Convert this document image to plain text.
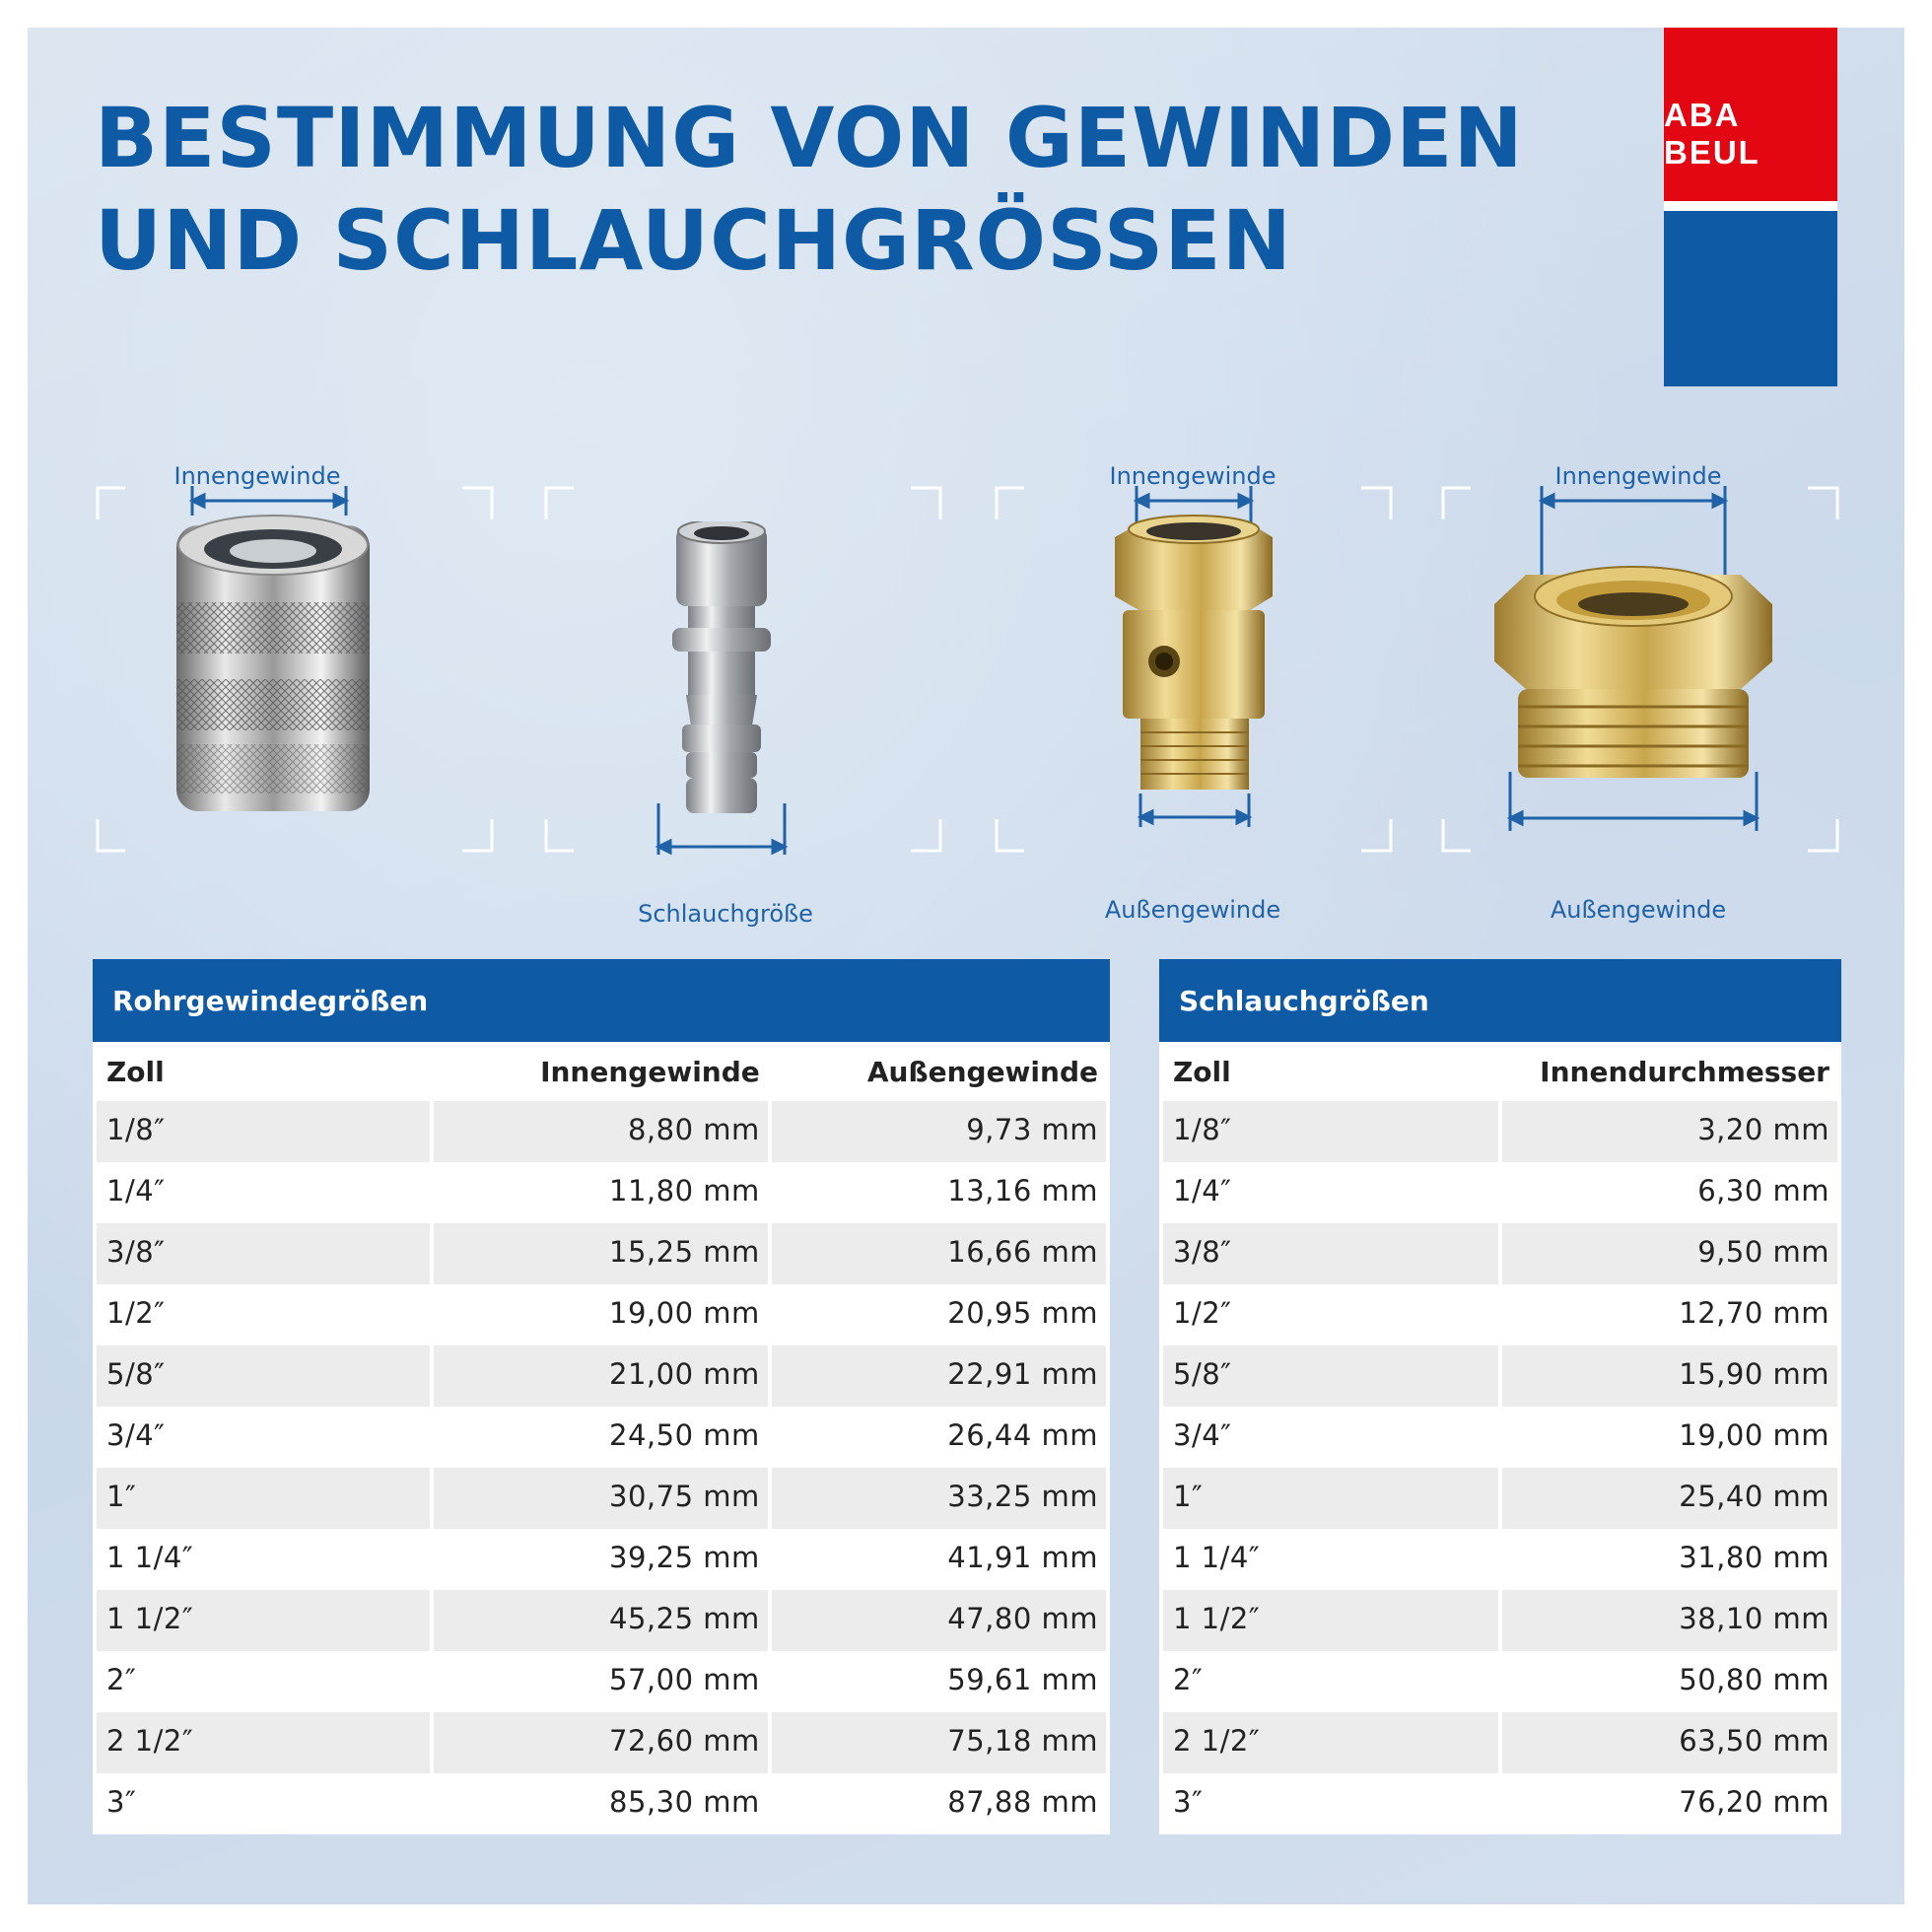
BESTIMMUNG VON GEWINDEN
UND SCHLAUCHGRÖSSEN
ABA BEUL
Innengewinde
Schlauchgröße
Innengewinde
Außengewinde
Innengewinde
Außengewinde
Rohrgewindegrößen
Zoll	Innengewinde	Außengewinde
1/8″	8,80 mm	9,73 mm
1/4″	11,80 mm	13,16 mm
3/8″	15,25 mm	16,66 mm
1/2″	19,00 mm	20,95 mm
5/8″	21,00 mm	22,91 mm
3/4″	24,50 mm	26,44 mm
1″	30,75 mm	33,25 mm
1 1/4″	39,25 mm	41,91 mm
1 1/2″	45,25 mm	47,80 mm
2″	57,00 mm	59,61 mm
2 1/2″	72,60 mm	75,18 mm
3″	85,30 mm	87,88 mm
Schlauchgrößen
Zoll	Innendurchmesser
1/8″	3,20 mm
1/4″	6,30 mm
3/8″	9,50 mm
1/2″	12,70 mm
5/8″	15,90 mm
3/4″	19,00 mm
1″	25,40 mm
1 1/4″	31,80 mm
1 1/2″	38,10 mm
2″	50,80 mm
2 1/2″	63,50 mm
3″	76,20 mm
